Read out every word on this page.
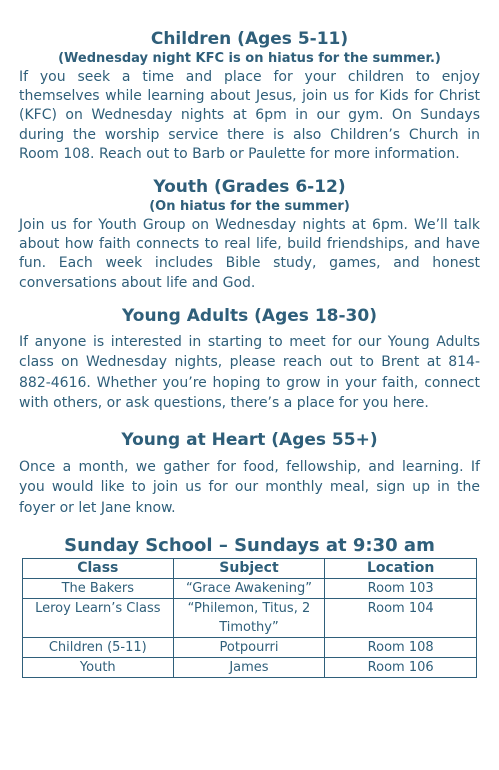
Children (Ages 5-11)

(Wednesday night KFC is on hiatus for the summer.)

If you seek a time and place for your children to enjoy themselves while learning about Jesus, join us for Kids for Christ (KFC) on Wednesday nights at 6pm in our gym. On Sundays during the worship service there is also Children’s Church in Room 108. Reach out to Barb or Paulette for more information.

Youth (Grades 6-12)

(On hiatus for the summer)

Join us for Youth Group on Wednesday nights at 6pm. We’ll talk about how faith connects to real life, build friendships, and have fun. Each week includes Bible study, games, and honest conversations about life and God.

Young Adults (Ages 18-30)

If anyone is interested in starting to meet for our Young Adults class on Wednesday nights, please reach out to Brent at 814-882-4616. Whether you’re hoping to grow in your faith, connect with others, or ask questions, there’s a place for you here.

Young at Heart (Ages 55+)

Once a month, we gather for food, fellowship, and learning. If you would like to join us for our monthly meal, sign up in the foyer or let Jane know.

Sunday School – Sundays at 9:30 am
Class	Subject	Location
The Bakers	“Grace Awakening”	Room 103
Leroy Learn’s Class	“Philemon, Titus, 2 Timothy”	Room 104
Children (5-11)	Potpourri	Room 108
Youth	James	Room 106
